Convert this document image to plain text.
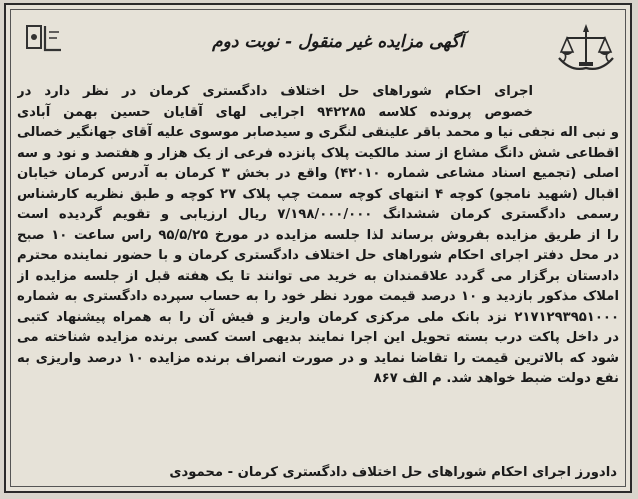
آگهی مزایده غیر منقول - نوبت دوم
اجرای احکام شوراهای حل اختلاف دادگستری کرمان در نظر دارد در
خصوص پرونده کلاسه ۹۴۲۲۸۵ اجرایی لهای آقایان حسین بهمن آبادی
و نبی اله نجفی نیا و محمد باقر علینقی لنگری و سیدصابر موسوی علیه آقای جهانگیر خصالی
اقطاعی شش دانگ مشاع از سند مالکیت پلاک پانزده فرعی از یک هزار و هفتصد و نود و سه
اصلی (تجمیع اسناد مشاعی شماره ۴۲۰۱۰) واقع در بخش ۳ کرمان به آدرس کرمان خیابان
اقبال (شهید نامجو) کوچه ۴ انتهای کوچه سمت چپ پلاک ۲۷ کوچه و طبق نظریه کارشناس
رسمی دادگستری کرمان ششدانگ ۷/۱۹۸/۰۰۰/۰۰۰ ریال ارزیابی و تقویم گردیده است
را از طریق مزایده بفروش برساند لذا جلسه مزایده در مورخ ۹۵/۵/۲۵ راس ساعت ۱۰ صبح
در محل دفتر اجرای احکام شوراهای حل اختلاف دادگستری کرمان و با حضور نماینده محترم
دادستان برگزار می گردد علاقمندان به خرید می توانند تا یک هفته قبل از جلسه مزایده از
املاک مذکور بازدید و ۱۰ درصد قیمت مورد نظر خود را به حساب سپرده دادگستری به شماره
۲۱۷۱۲۹۳۹۵۱۰۰۰ نزد بانک ملی مرکزی کرمان واریز و فیش آن را به همراه پیشنهاد کتبی
در داخل پاکت درب بسته تحویل این اجرا نمایند بدیهی است کسی برنده مزایده شناخته می
شود که بالاترین قیمت را تقاضا نماید و در صورت انصراف برنده مزایده ۱۰ درصد واریزی به
نفع دولت ضبط خواهد شد. م الف ۸۶۷
دادورز اجرای احکام شوراهای حل اختلاف دادگستری کرمان - محمودی
